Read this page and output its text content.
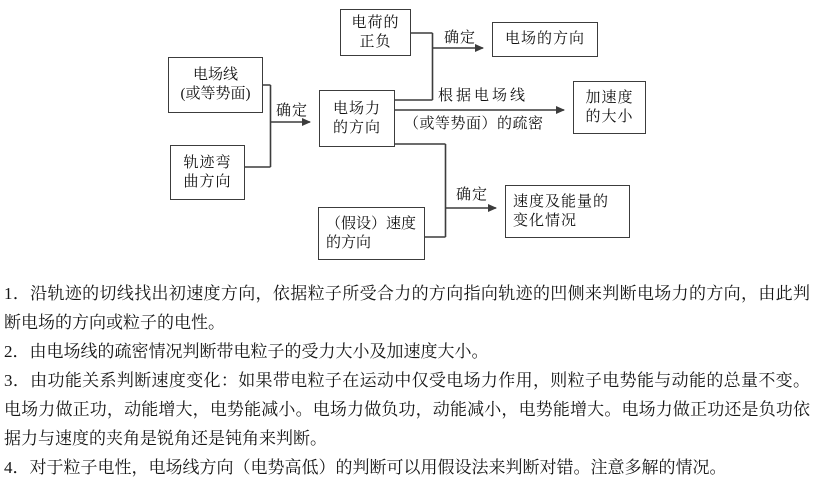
电荷的
正负
电场线
(或等势面)
轨迹弯
曲方向
电场力
的方向
电场的方向
加速度
的大小
（假设）速度
的方向
速度及能量的
变化情况
确定
确定
确定
根据电场线
（或等势面）的疏密

1．沿轨迹的切线找出初速度方向，依据粒子所受合力的方向指向轨迹的凹侧来判断电场力的方向，由此判断电场的方向或粒子的电性。

2．由电场线的疏密情况判断带电粒子的受力大小及加速度大小。

3．由功能关系判断速度变化：如果带电粒子在运动中仅受电场力作用，则粒子电势能与动能的总量不变。电场力做正功，动能增大，电势能减小。电场力做负功，动能减小，电势能增大。电场力做正功还是负功依据力与速度的夹角是锐角还是钝角来判断。

4．对于粒子电性，电场线方向（电势高低）的判断可以用假设法来判断对错。注意多解的情况。
